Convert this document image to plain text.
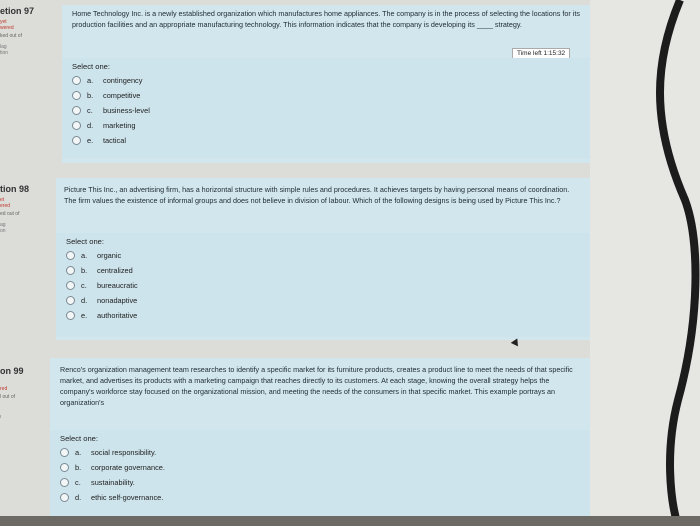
etion 97
yet
wered
ked out of
lag
tion
Home Technology Inc. is a newly established organization which manufactures home appliances. The company is in the process of selecting the locations for its production facilities and an appropriate manufacturing technology. This information indicates that the company is developing its ____ strategy.
Time left 1:15:32
Select one:
a.	contingency
b.	competitive
c.	business-level
d.	marketing
e.	tactical
tion 98
et
ered
ed out of
ag
on
Picture This Inc., an advertising firm, has a horizontal structure with simple rules and procedures. It achieves targets by having personal means of coordination. The firm values the existence of informal groups and does not believe in division of labour. Which of the following designs is being used by Picture This Inc.?
Select one:
a.	organic
b.	centralized
c.	bureaucratic
d.	nonadaptive
e.	authoritative
on 99
red
l out of
ı
Renco's organization management team researches to identify a specific market for its furniture products, creates a product line to meet the needs of that specific market, and advertises its products with a marketing campaign that reaches directly to its customers. At each stage, knowing the overall strategy helps the company's workforce stay focused on the organizational mission, and meeting the needs of the consumers in that specific market. This example portrays an organization's
Select one:
a.	social responsibility.
b.	corporate governance.
c.	sustainability.
d.	ethic self-governance.
